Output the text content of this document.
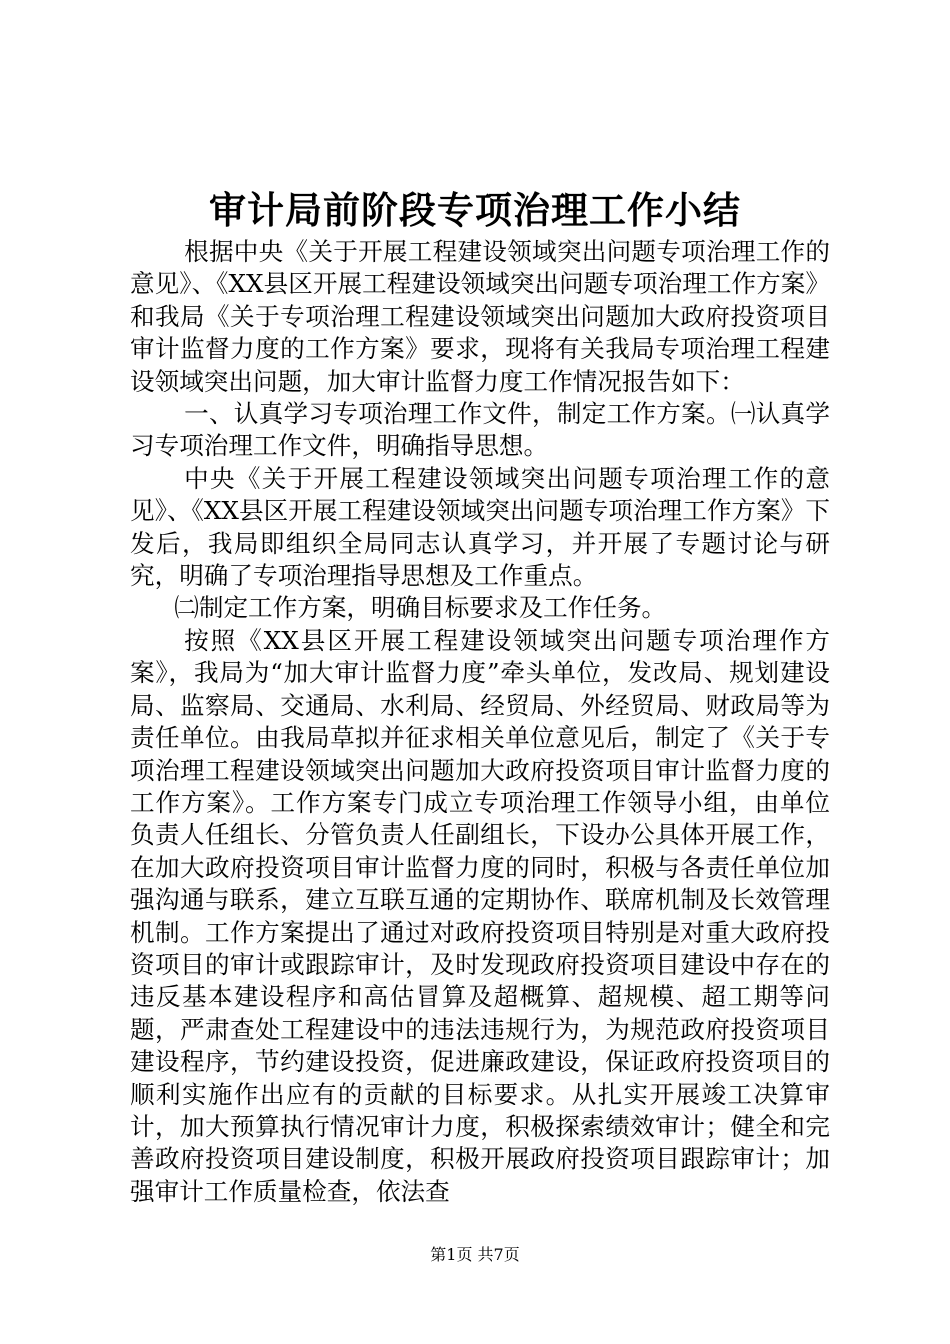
审计局前阶段专项治理工作小结

根据中央《关于开展工程建设领域突出问题专项治理工作的意见》、《XX县区开展工程建设领域突出问题专项治理工作方案》和我局《关于专项治理工程建设领域突出问题加大政府投资项目审计监督力度的工作方案》要求，现将有关我局专项治理工程建设领域突出问题，加大审计监督力度工作情况报告如下：

一、认真学习专项治理工作文件，制定工作方案。㈠认真学习专项治理工作文件，明确指导思想。

中央《关于开展工程建设领域突出问题专项治理工作的意见》、《XX县区开展工程建设领域突出问题专项治理工作方案》下发后，我局即组织全局同志认真学习，并开展了专题讨论与研究，明确了专项治理指导思想及工作重点。

㈡制定工作方案，明确目标要求及工作任务。

按照《XX县区开展工程建设领域突出问题专项治理作方案》，我局为“加大审计监督力度”牵头单位，发改局、规划建设局、监察局、交通局、水利局、经贸局、外经贸局、财政局等为责任单位。由我局草拟并征求相关单位意见后，制定了《关于专项治理工程建设领域突出问题加大政府投资项目审计监督力度的工作方案》。工作方案专门成立专项治理工作领导小组，由单位负责人任组长、分管负责人任副组长，下设办公具体开展工作，在加大政府投资项目审计监督力度的同时，积极与各责任单位加强沟通与联系，建立互联互通的定期协作、联席机制及长效管理机制。工作方案提出了通过对政府投资项目特别是对重大政府投资项目的审计或跟踪审计，及时发现政府投资项目建设中存在的违反基本建设程序和高估冒算及超概算、超规模、超工期等问题，严肃查处工程建设中的违法违规行为，为规范政府投资项目建设程序，节约建设投资，促进廉政建设，保证政府投资项目的顺利实施作出应有的贡献的目标要求。从扎实开展竣工决算审计，加大预算执行情况审计力度，积极探索绩效审计；健全和完善政府投资项目建设制度，积极开展政府投资项目跟踪审计；加强审计工作质量检查，依法查

第1页 共7页
